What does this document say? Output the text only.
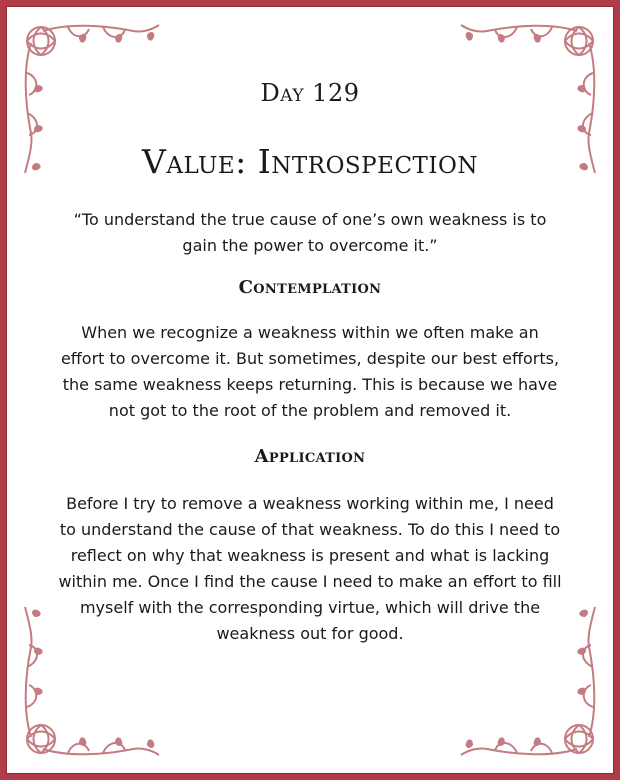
Day 129
Value: Introspection
“To understand the true cause of one’s own weakness is to gain the power to overcome it.”
Contemplation
When we recognize a weakness within we often make an effort to overcome it. But sometimes, despite our best efforts, the same weakness keeps returning. This is because we have not got to the root of the problem and removed it.
Application
Before I try to remove a weakness working within me, I need to understand the cause of that weakness. To do this I need to reflect on why that weakness is present and what is lacking within me. Once I find the cause I need to make an effort to fill myself with the corresponding virtue, which will drive the weakness out for good.
